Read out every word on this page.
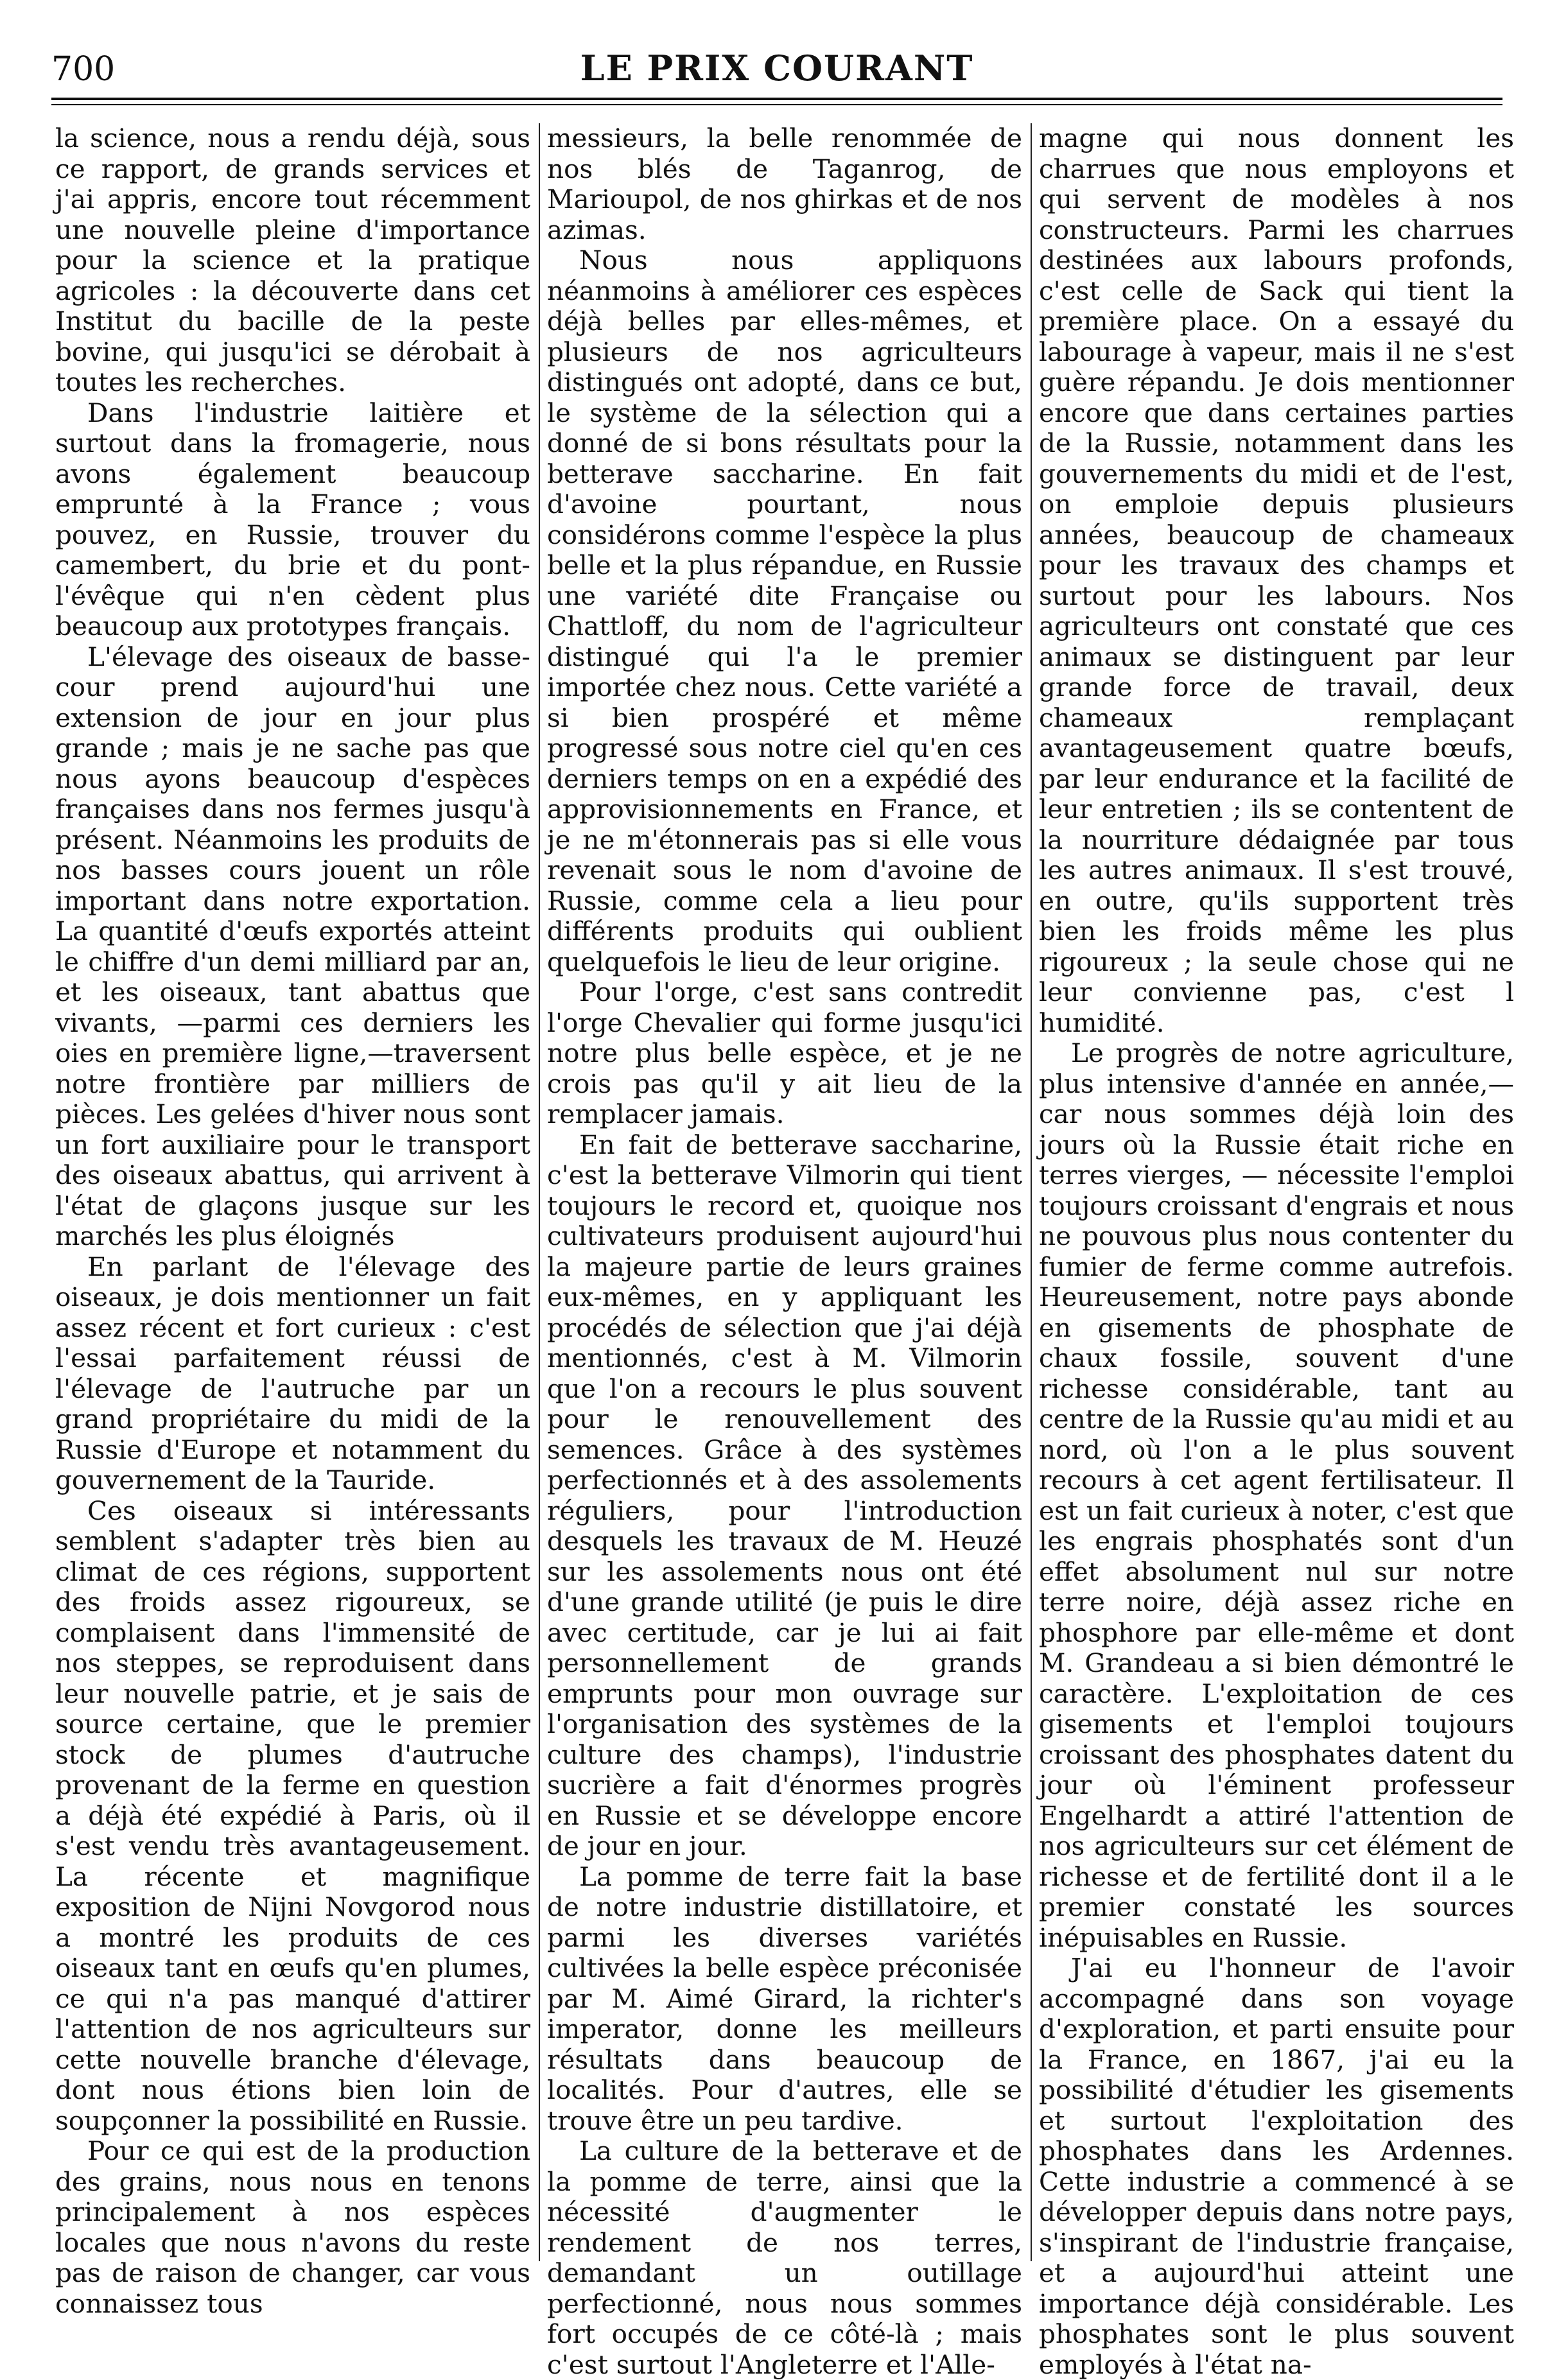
700	LE PRIX COURANT

la science, nous a rendu déjà, sous ce rapport, de grands services et j'ai appris, encore tout récemment une nouvelle pleine d'importance pour la science et la pratique agricoles : la découverte dans cet Institut du bacille de la peste bovine, qui jusqu'ici se dérobait à toutes les recherches.

Dans l'industrie laitière et surtout dans la fromagerie, nous avons également beaucoup emprunté à la France ; vous pouvez, en Russie, trouver du camembert, du brie et du pont-l'évêque qui n'en cèdent plus beaucoup aux prototypes français.

L'élevage des oiseaux de basse-cour prend aujourd'hui une extension de jour en jour plus grande ; mais je ne sache pas que nous ayons beaucoup d'espèces françaises dans nos fermes jusqu'à présent. Néanmoins les produits de nos basses cours jouent un rôle important dans notre exportation. La quantité d'œufs exportés atteint le chiffre d'un demi milliard par an, et les oiseaux, tant abattus que vivants, —parmi ces derniers les oies en première ligne,—traversent notre frontière par milliers de pièces. Les gelées d'hiver nous sont un fort auxiliaire pour le transport des oiseaux abattus, qui arrivent à l'état de glaçons jusque sur les marchés les plus éloignés

En parlant de l'élevage des oiseaux, je dois mentionner un fait assez récent et fort curieux : c'est l'essai parfaitement réussi de l'élevage de l'autruche par un grand propriétaire du midi de la Russie d'Europe et notamment du gouvernement de la Tauride.

Ces oiseaux si intéressants semblent s'adapter très bien au climat de ces régions, supportent des froids assez rigoureux, se complaisent dans l'immensité de nos steppes, se reproduisent dans leur nouvelle patrie, et je sais de source certaine, que le premier stock de plumes d'autruche provenant de la ferme en question a déjà été expédié à Paris, où il s'est vendu très avantageusement. La récente et magnifique exposition de Nijni Novgorod nous a montré les produits de ces oiseaux tant en œufs qu'en plumes, ce qui n'a pas manqué d'attirer l'attention de nos agriculteurs sur cette nouvelle branche d'élevage, dont nous étions bien loin de soupçonner la possibilité en Russie.

Pour ce qui est de la production des grains, nous nous en tenons principalement à nos espèces locales que nous n'avons du reste pas de raison de changer, car vous connaissez tous

messieurs, la belle renommée de nos blés de Taganrog, de Marioupol, de nos ghirkas et de nos azimas.

Nous nous appliquons néanmoins à améliorer ces espèces déjà belles par elles-mêmes, et plusieurs de nos agriculteurs distingués ont adopté, dans ce but, le système de la sélection qui a donné de si bons résultats pour la betterave saccharine. En fait d'avoine pourtant, nous considérons comme l'espèce la plus belle et la plus répandue, en Russie une variété dite Française ou Chattloff, du nom de l'agriculteur distingué qui l'a le premier importée chez nous. Cette variété a si bien prospéré et même progressé sous notre ciel qu'en ces derniers temps on en a expédié des approvisionnements en France, et je ne m'étonnerais pas si elle vous revenait sous le nom d'avoine de Russie, comme cela a lieu pour différents produits qui oublient quelquefois le lieu de leur origine.

Pour l'orge, c'est sans contredit l'orge Chevalier qui forme jusqu'ici notre plus belle espèce, et je ne crois pas qu'il y ait lieu de la remplacer jamais.

En fait de betterave saccharine, c'est la betterave Vilmorin qui tient toujours le record et, quoique nos cultivateurs produisent aujourd'hui la majeure partie de leurs graines eux-mêmes, en y appliquant les procédés de sélection que j'ai déjà mentionnés, c'est à M. Vilmorin que l'on a recours le plus souvent pour le renouvellement des semences. Grâce à des systèmes perfectionnés et à des assolements réguliers, pour l'introduction desquels les travaux de M. Heuzé sur les assolements nous ont été d'une grande utilité (je puis le dire avec certitude, car je lui ai fait personnellement de grands emprunts pour mon ouvrage sur l'organisation des systèmes de la culture des champs), l'industrie sucrière a fait d'énormes progrès en Russie et se développe encore de jour en jour.

La pomme de terre fait la base de notre industrie distillatoire, et parmi les diverses variétés cultivées la belle espèce préconisée par M. Aimé Girard, la richter's imperator, donne les meilleurs résultats dans beaucoup de localités. Pour d'autres, elle se trouve être un peu tardive.

La culture de la betterave et de la pomme de terre, ainsi que la nécessité d'augmenter le rendement de nos terres, demandant un outillage perfectionné, nous nous sommes fort occupés de ce côté-là ; mais c'est surtout l'Angleterre et l'Alle-

magne qui nous donnent les charrues que nous employons et qui servent de modèles à nos constructeurs. Parmi les charrues destinées aux labours profonds, c'est celle de Sack qui tient la première place. On a essayé du labourage à vapeur, mais il ne s'est guère répandu. Je dois mentionner encore que dans certaines parties de la Russie, notamment dans les gouvernements du midi et de l'est, on emploie depuis plusieurs années, beaucoup de chameaux pour les travaux des champs et surtout pour les labours. Nos agriculteurs ont constaté que ces animaux se distinguent par leur grande force de travail, deux chameaux remplaçant avantageusement quatre bœufs, par leur endurance et la facilité de leur entretien ; ils se contentent de la nourriture dédaignée par tous les autres animaux. Il s'est trouvé, en outre, qu'ils supportent très bien les froids même les plus rigoureux ; la seule chose qui ne leur convienne pas, c'est l humidité.

Le progrès de notre agriculture, plus intensive d'année en année,— car nous sommes déjà loin des jours où la Russie était riche en terres vierges, — nécessite l'emploi toujours croissant d'engrais et nous ne pouvous plus nous contenter du fumier de ferme comme autrefois. Heureusement, notre pays abonde en gisements de phosphate de chaux fossile, souvent d'une richesse considérable, tant au centre de la Russie qu'au midi et au nord, où l'on a le plus souvent recours à cet agent fertilisateur. Il est un fait curieux à noter, c'est que les engrais phosphatés sont d'un effet absolument nul sur notre terre noire, déjà assez riche en phosphore par elle-même et dont M. Grandeau a si bien démontré le caractère. L'exploitation de ces gisements et l'emploi toujours croissant des phosphates datent du jour où l'éminent professeur Engelhardt a attiré l'attention de nos agriculteurs sur cet élément de richesse et de fertilité dont il a le premier constaté les sources inépuisables en Russie.

J'ai eu l'honneur de l'avoir accompagné dans son voyage d'exploration, et parti ensuite pour la France, en 1867, j'ai eu la possibilité d'étudier les gisements et surtout l'exploitation des phosphates dans les Ardennes. Cette industrie a commencé à se développer depuis dans notre pays, s'inspirant de l'industrie française, et a aujourd'hui atteint une importance déjà considérable. Les phosphates sont le plus souvent employés à l'état na-
